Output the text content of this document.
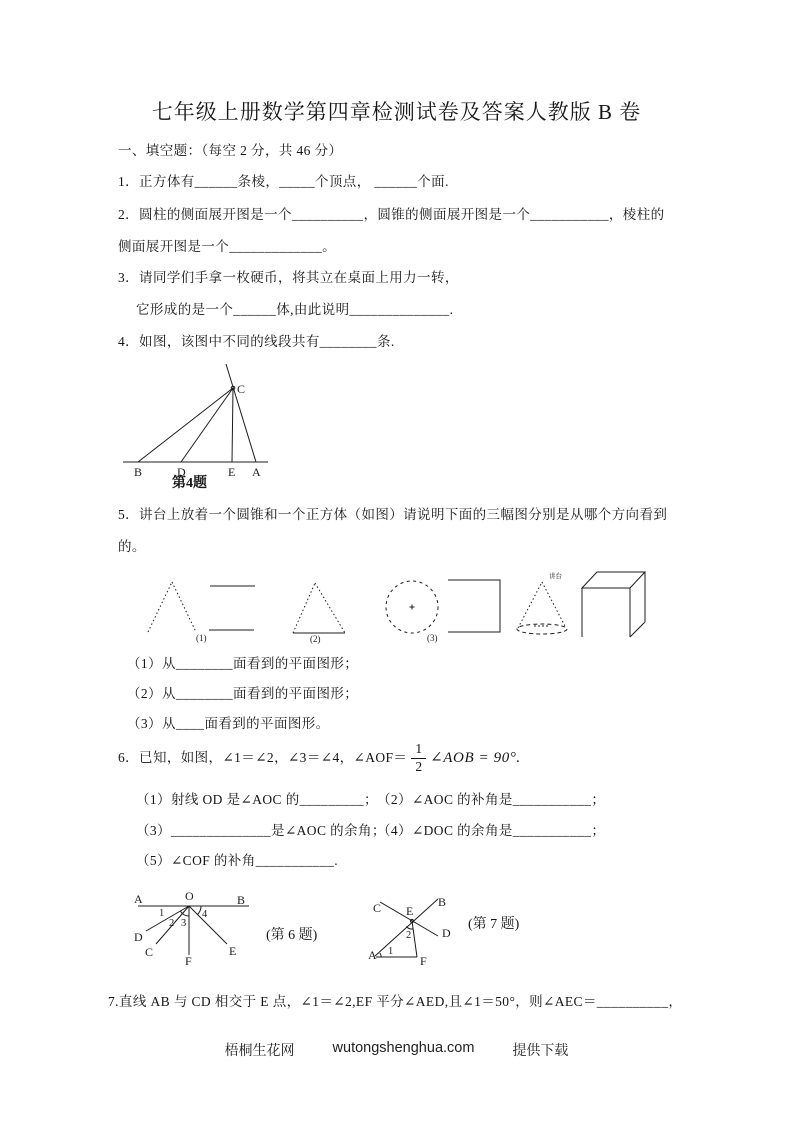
七年级上册数学第四章检测试卷及答案人教版 B 卷
一、填空题：（每空 2 分，共 46 分）
1．正方体有______条棱，_____个顶点， ______个面.
2．圆柱的侧面展开图是一个__________，圆锥的侧面展开图是一个___________，棱柱的
侧面展开图是一个_____________。
3．请同学们手拿一枚硬币，将其立在桌面上用力一转，
它形成的是一个______体,由此说明______________.
4．如图，该图中不同的线段共有________条.
B	D	E A
C
第4题
5．讲台上放着一个圆锥和一个正方体（如图）请说明下面的三幅图分别是从哪个方向看到
的。
(1)	(2)	(3)
讲台
（1）从________面看到的平面图形；
（2）从________面看到的平面图形；
（3）从____面看到的平面图形。
6．已知，如图，∠1＝∠2，∠3＝∠4，∠AOF＝ $\frac{1}{2}$ ∠AOB = 90°.
（1）射线 OD 是∠AOC 的_________； （2）∠AOC 的补角是___________；
（3）______________是∠AOC 的余角；
（4）∠DOC 的余角是___________；
（5）∠COF 的补角___________.
A	O	B
D
C
F
E
1
2 3
4
(第 6 题)
C E
B
D
A	F
1
2
(第 7 题)
7.直线 AB 与 CD 相交于 E 点，∠1＝∠2,EF 平分∠AED,且∠1＝50°，则∠AEC＝__________，
梧桐生花网	wutongshenghua.com	提供下载
